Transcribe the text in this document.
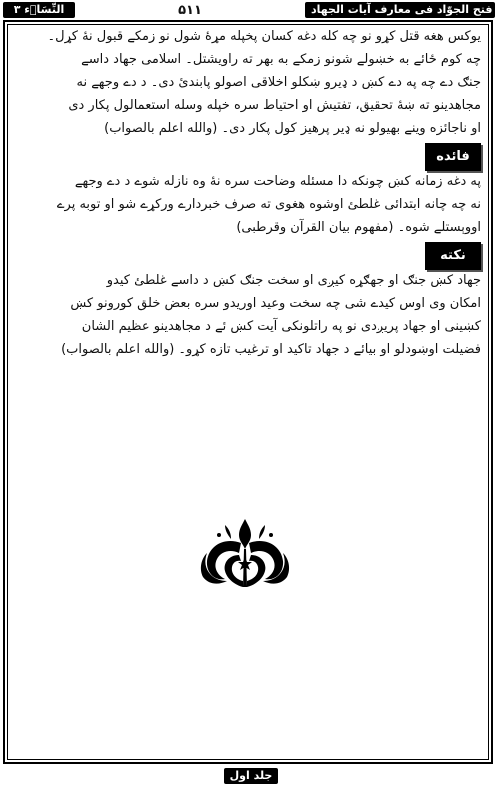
النِّسَاۗء ۳	۵۱۱	فتح الجوّاد فی معارف آیات الجهاد
یوکس هغه قتل کړو نو چه کله دغه کسان پخپله مړهٔ شول نو زمکے قبول نهٔ کړل۔
چه کوم ځائے به خښولے شونو زمکے به بهر ته راویشتل۔ اسلامی جهاد داسے
جنګ دے چه په دے کښ د ډیرو ښکلو اخلاقی اصولو پابندئ دی۔ د دے وجهے نه
مجاهدینو ته ښهٔ تحقیق، تفتیش او احتیاط سره خپله وسله استعمالول پکار دی
او ناجائزه وینے بهیولو نه ډیر پرهیز کول پکار دی۔ (والله اعلم بالصواب)
فائده
په دغه زمانه کښ چونکه دا مسئله وضاحت سره نهٔ وه نازله شوے د دے وجهے
نه چه چانه ابتدائی غلطئ اوشوه هغوی ته صرف خبردارے ورکړے شو او توبه پرے
اووېستلے شوه۔ (مفهوم بیان القرآن وقرطبی)
نکته
جهاد کښ جنګ او جهګړه کیږی او سخت جنګ کښ د داسے غلطئ کیدو
امکان وی اوس کیدے شی چه سخت وعید اوریدو سره بعض خلق کورونو کښ
کښینی او جهاد پریږدی نو په راتلونکی آیت کښ ئے د مجاهدینو عظیم الشان
فضیلت اوښودلو او بیائے د جهاد تاکید او ترغیب تازه کړو۔ (والله اعلم بالصواب)
جلد اول
